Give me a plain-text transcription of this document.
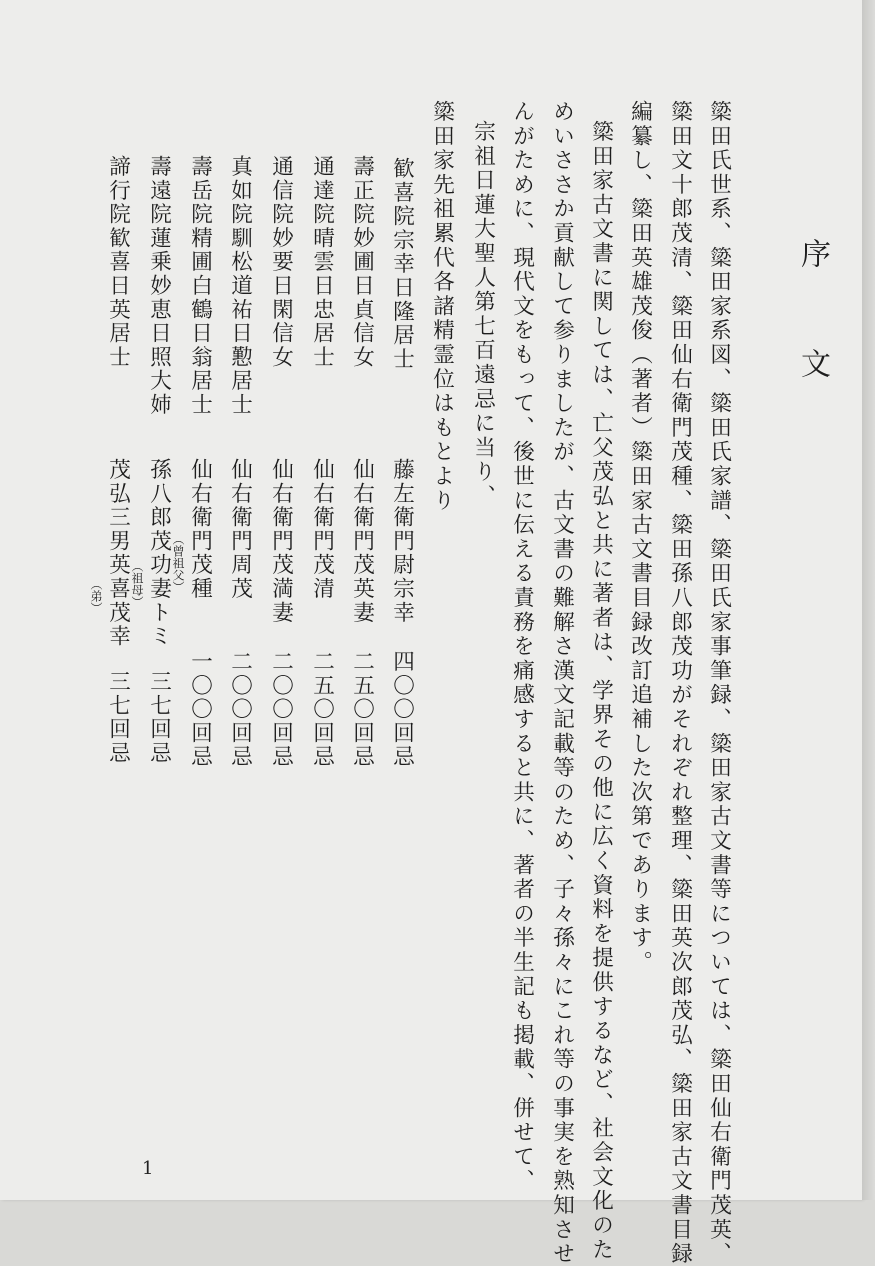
序
文
簗田氏世系、簗田家系図、簗田氏家譜、簗田氏家事筆録、簗田家古文書等については、簗田仙右衛門茂英、
簗田文十郎茂清、簗田仙右衛門茂種、簗田孫八郎茂功がそれぞれ整理、簗田英次郎茂弘、簗田家古文書目録
編纂し、簗田英雄茂俊（著者）簗田家古文書目録改訂追補した次第であります。
簗田家古文書に関しては、亡父茂弘と共に著者は、学界その他に広く資料を提供するなど、社会文化のた
めいささか貢献して参りましたが、古文書の難解さ漢文記載等のため、子々孫々にこれ等の事実を熟知させ
んがために、現代文をもって、後世に伝える責務を痛感すると共に、著者の半生記も掲載、併せて、
宗祖日蓮大聖人第七百遠忌に当り、
簗田家先祖累代各諸精霊位はもとより
歓喜院宗幸日隆居士
壽正院妙圃日貞信女
通達院晴雲日忠居士
通信院妙要日閑信女
真如院馴松道祐日懃居士
壽岳院精圃白鶴日翁居士
壽遠院蓮乗妙恵日照大姉
諦行院歓喜日英居士
藤左衛門尉宗幸
仙右衛門茂英妻
仙右衛門茂清
仙右衛門茂満妻
仙右衛門周茂
仙右衛門茂種
孫八郎茂功妻トミ
茂弘三男英喜茂幸	（曾祖父）
（祖母）
（弟）
四〇〇回忌
二五〇回忌
二五〇回忌
二〇〇回忌
二〇〇回忌
一〇〇回忌
三七回忌
三七回忌
1
